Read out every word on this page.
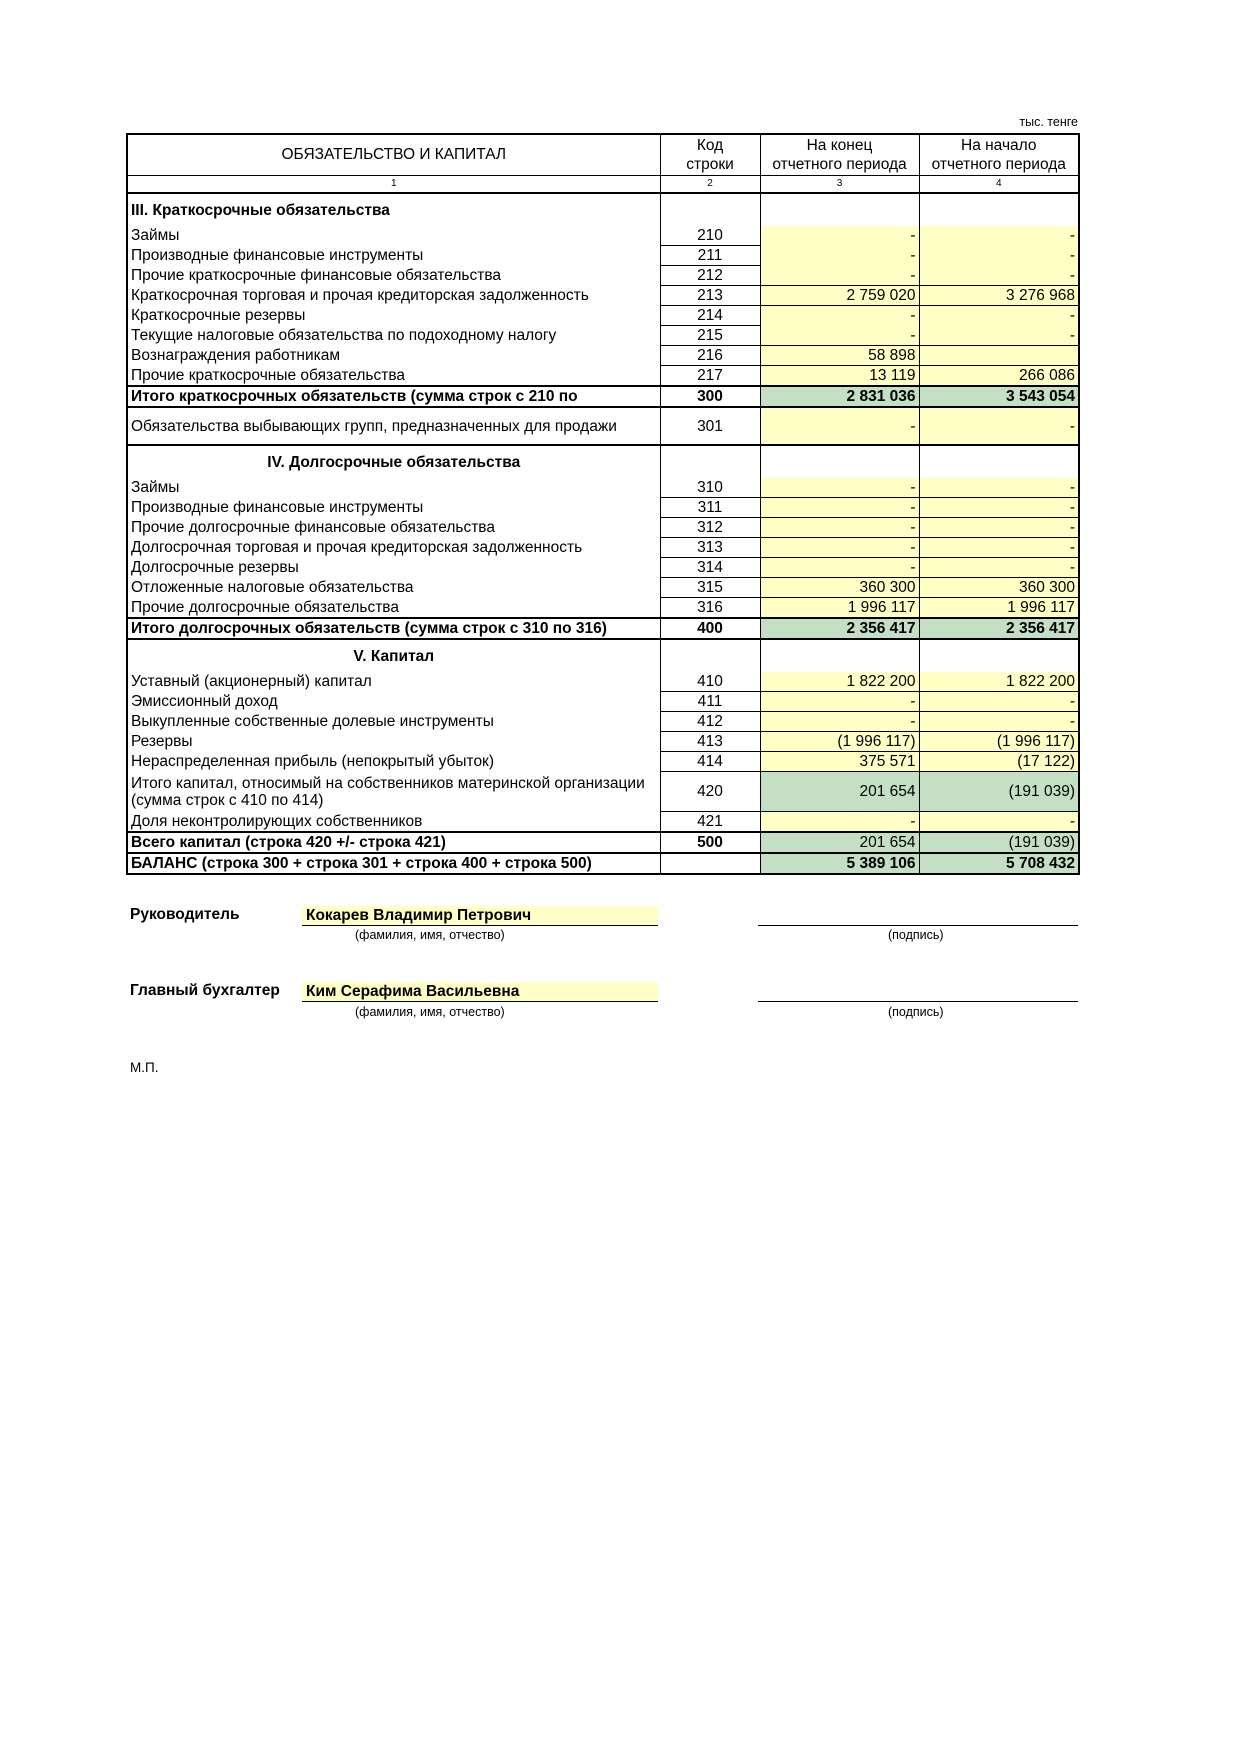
тыс. тенге
ОБЯЗАТЕЛЬСТВО И КАПИТАЛ	Код	На конец	На начало
	строки	отчетного периода	отчетного периода
1	2	3	4
III. Краткосрочные обязательства			
Займы	210	-	-
Производные финансовые инструменты	211	-	-
Прочие краткосрочные финансовые обязательства	212	-	-
Краткосрочная торговая и прочая кредиторская задолженность	213	2 759 020	3 276 968
Краткосрочные резервы	214	-	-
Текущие налоговые обязательства по подоходному налогу	215	-	-
Вознаграждения работникам	216	58 898	
Прочие краткосрочные обязательства	217	13 119	266 086
Итого краткосрочных обязательств (сумма строк с 210 по	300	2 831 036	3 543 054
Обязательства выбывающих групп, предназначенных для продажи	301	-	-
IV. Долгосрочные обязательства			
Займы	310	-	-
Производные финансовые инструменты	311	-	-
Прочие долгосрочные финансовые обязательства	312	-	-
Долгосрочная торговая и прочая кредиторская задолженность	313	-	-
Долгосрочные резервы	314	-	-
Отложенные налоговые обязательства	315	360 300	360 300
Прочие долгосрочные обязательства	316	1 996 117	1 996 117
Итого долгосрочных обязательств (сумма строк с 310 по 316)	400	2 356 417	2 356 417
V. Капитал			
Уставный (акционерный) капитал	410	1 822 200	1 822 200
Эмиссионный доход	411	-	-
Выкупленные собственные долевые инструменты	412	-	-
Резервы	413	(1 996 117)	(1 996 117)
Нераспределенная прибыль (непокрытый убыток)	414	375 571	(17 122)
Итого капитал, относимый на собственников материнской организации (сумма строк с 410 по 414)	420	201 654	(191 039)
Доля неконтролирующих собственников	421	-	-
Всего капитал (строка 420 +/- строка 421)	500	201 654	(191 039)
БАЛАНС (строка 300 + строка 301 + строка 400 + строка 500)		5 389 106	5 708 432
Руководитель	Кокарев Владимир Петрович
(фамилия, имя, отчество)	(подпись)
Главный бухгалтер Ким Серафима Васильевна
(фамилия, имя, отчество)	(подпись)
М.П.
